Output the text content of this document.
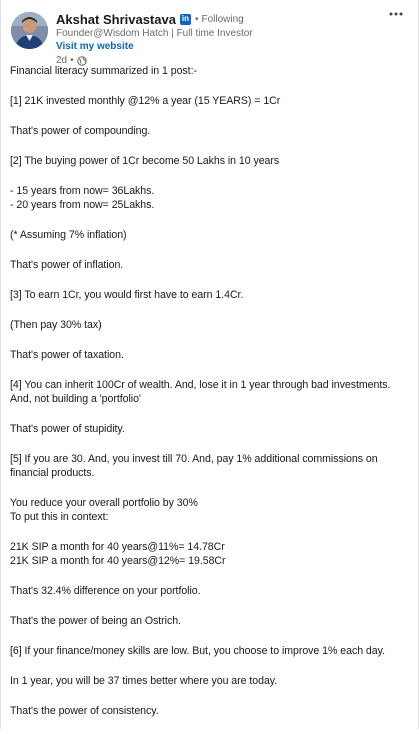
Akshat Shrivastava in • Following
Founder@Wisdom Hatch | Full time Investor
Visit my website
2d •

Financial literacy summarized in 1 post:-

[1] 21K invested monthly @12% a year (15 YEARS) = 1Cr

That's power of compounding.

[2] The buying power of 1Cr become 50 Lakhs in 10 years

- 15 years from now= 36Lakhs.
- 20 years from now= 25Lakhs.

(* Assuming 7% inflation)

That's power of inflation.

[3] To earn 1Cr, you would first have to earn 1.4Cr.

(Then pay 30% tax)

That's power of taxation.

[4] You can inherit 100Cr of wealth. And, lose it in 1 year through bad investments. And, not building a 'portfolio'

That's power of stupidity.

[5] If you are 30. And, you invest till 70. And, pay 1% additional commissions on financial products.

You reduce your overall portfolio by 30%
To put this in context:

21K SIP a month for 40 years@11%= 14.78Cr
21K SIP a month for 40 years@12%= 19.58Cr

That's 32.4% difference on your portfolio.

That's the power of being an Ostrich.

[6] If your finance/money skills are low. But, you choose to improve 1% each day.

In 1 year, you will be 37 times better where you are today.

That's the power of consistency.
